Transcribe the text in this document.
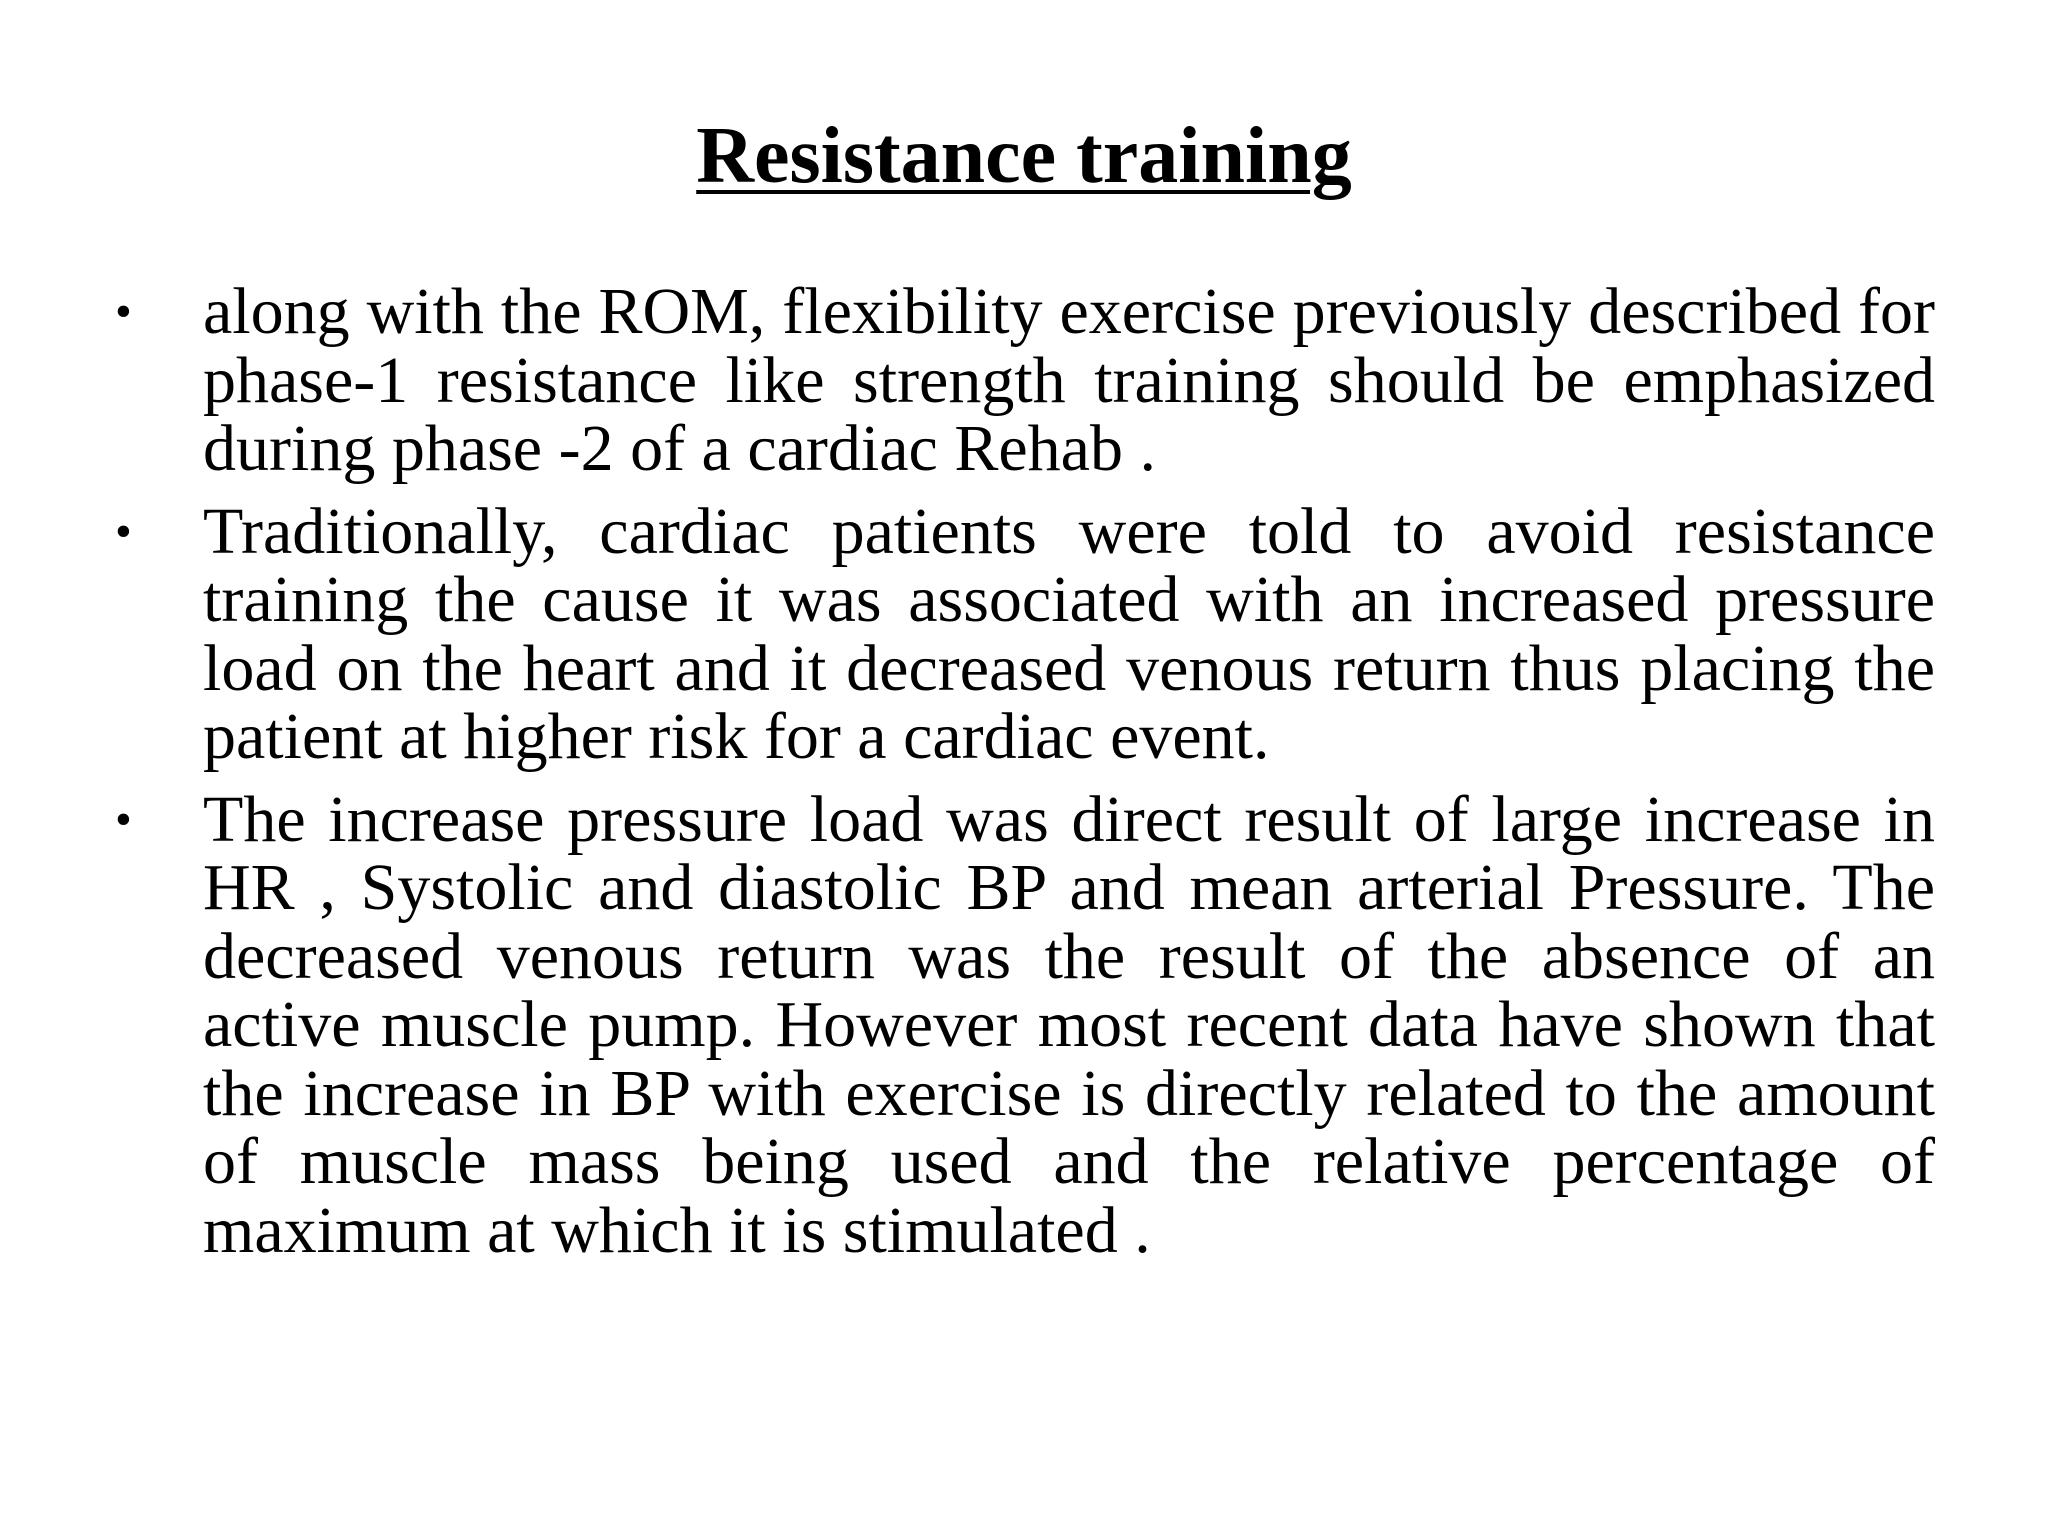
Resistance training
•	along with the ROM, flexibility exercise previously described for phase-1 resistance like strength training should be emphasized during phase -2 of a cardiac Rehab .
•	Traditionally, cardiac patients were told to avoid resistance training the cause it was associated with an increased pressure load on the heart and it decreased venous return thus placing the patient at higher risk for a cardiac event.
•	The increase pressure load was direct result of large increase in HR , Systolic and diastolic BP and mean arterial Pressure. The decreased venous return was the result of the absence of an active muscle pump. However most recent data have shown that the increase in BP with exercise is directly related to the amount of muscle mass being used and the relative percentage of maximum at which it is stimulated .
